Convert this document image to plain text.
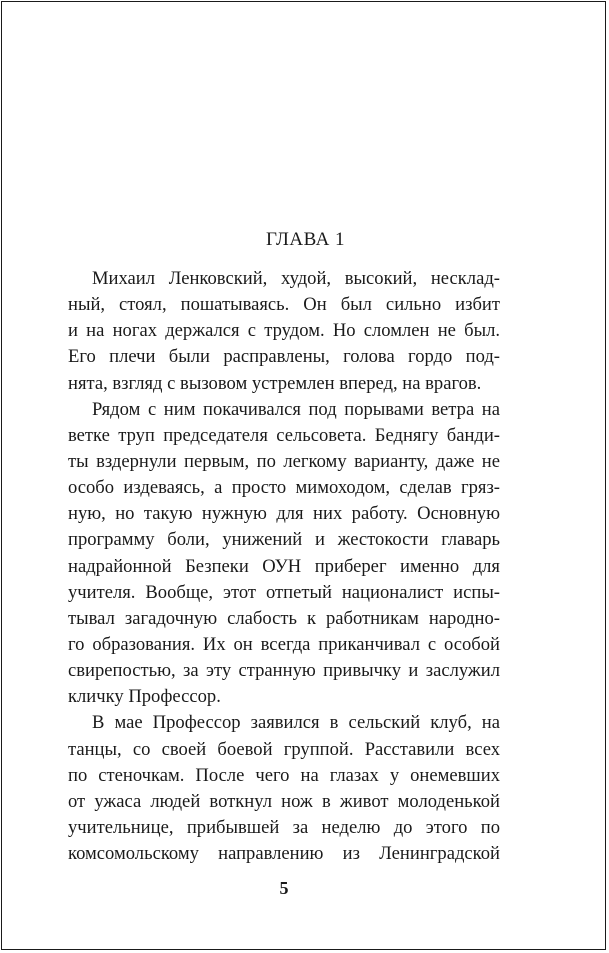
ГЛАВА 1
Михаил Ленковский, худой, высокий, несклад-
ный, стоял, пошатываясь. Он был сильно избит
и на ногах держался с трудом. Но сломлен не был.
Его плечи были расправлены, голова гордо под-
нята, взгляд с вызовом устремлен вперед, на врагов.
Рядом с ним покачивался под порывами ветра на
ветке труп председателя сельсовета. Беднягу банди-
ты вздернули первым, по легкому варианту, даже не
особо издеваясь, а просто мимоходом, сделав гряз-
ную, но такую нужную для них работу. Основную
программу боли, унижений и жестокости главарь
надрайонной Безпеки ОУН приберег именно для
учителя. Вообще, этот отпетый националист испы-
тывал загадочную слабость к работникам народно-
го образования. Их он всегда приканчивал с особой
свирепостью, за эту странную привычку и заслужил
кличку Профессор.
В мае Профессор заявился в сельский клуб, на
танцы, со своей боевой группой. Расставили всех
по стеночкам. После чего на глазах у онемевших
от ужаса людей воткнул нож в живот молоденькой
учительнице, прибывшей за неделю до этого по
комсомольскому направлению из Ленинградской
5
